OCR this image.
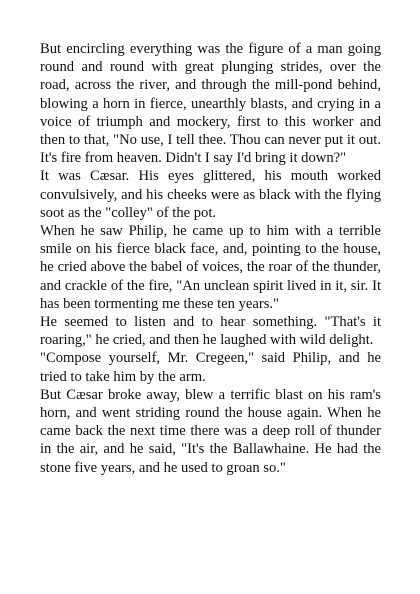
But encircling everything was the figure of a man going round and round with great plunging strides, over the road, across the river, and through the mill-pond behind, blowing a horn in fierce, unearthly blasts, and crying in a voice of triumph and mockery, first to this worker and then to that, "No use, I tell thee. Thou can never put it out. It's fire from heaven. Didn't I say I'd bring it down?"

It was Cæsar. His eyes glittered, his mouth worked convulsively, and his cheeks were as black with the flying soot as the "colley" of the pot.

When he saw Philip, he came up to him with a terrible smile on his fierce black face, and, pointing to the house, he cried above the babel of voices, the roar of the thunder, and crackle of the fire, "An unclean spirit lived in it, sir. It has been tormenting me these ten years."

He seemed to listen and to hear something. "That's it roaring," he cried, and then he laughed with wild delight.

"Compose yourself, Mr. Cregeen," said Philip, and he tried to take him by the arm.

But Cæsar broke away, blew a terrific blast on his ram's horn, and went striding round the house again. When he came back the next time there was a deep roll of thunder in the air, and he said, "It's the Ballawhaine. He had the stone five years, and he used to groan so."
